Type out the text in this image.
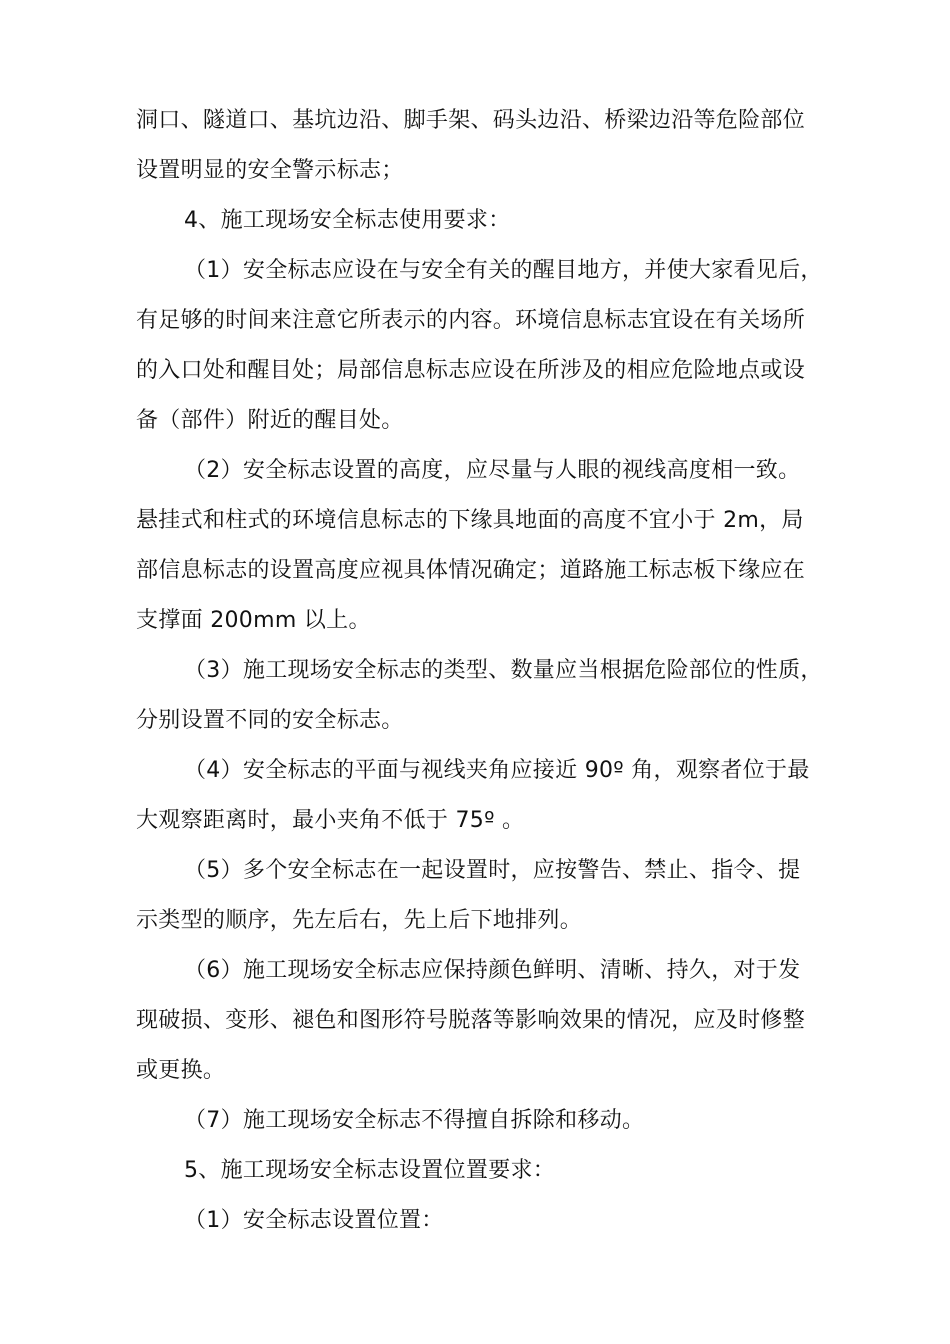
洞口、隧道口、基坑边沿、脚手架、码头边沿、桥梁边沿等危险部位
设置明显的安全警示标志；
4、施工现场安全标志使用要求：
（1）安全标志应设在与安全有关的醒目地方，并使大家看见后，
有足够的时间来注意它所表示的内容。环境信息标志宜设在有关场所
的入口处和醒目处；局部信息标志应设在所涉及的相应危险地点或设
备（部件）附近的醒目处。
（2）安全标志设置的高度，应尽量与人眼的视线高度相一致。
悬挂式和柱式的环境信息标志的下缘具地面的高度不宜小于 2m，局
部信息标志的设置高度应视具体情况确定；道路施工标志板下缘应在
支撑面 200mm 以上。
（3）施工现场安全标志的类型、数量应当根据危险部位的性质，
分别设置不同的安全标志。
（4）安全标志的平面与视线夹角应接近 90º 角，观察者位于最
大观察距离时，最小夹角不低于 75º 。
（5）多个安全标志在一起设置时，应按警告、禁止、指令、提
示类型的顺序，先左后右，先上后下地排列。
（6）施工现场安全标志应保持颜色鲜明、清晰、持久，对于发
现破损、变形、褪色和图形符号脱落等影响效果的情况，应及时修整
或更换。
（7）施工现场安全标志不得擅自拆除和移动。
5、施工现场安全标志设置位置要求：
（1）安全标志设置位置：
